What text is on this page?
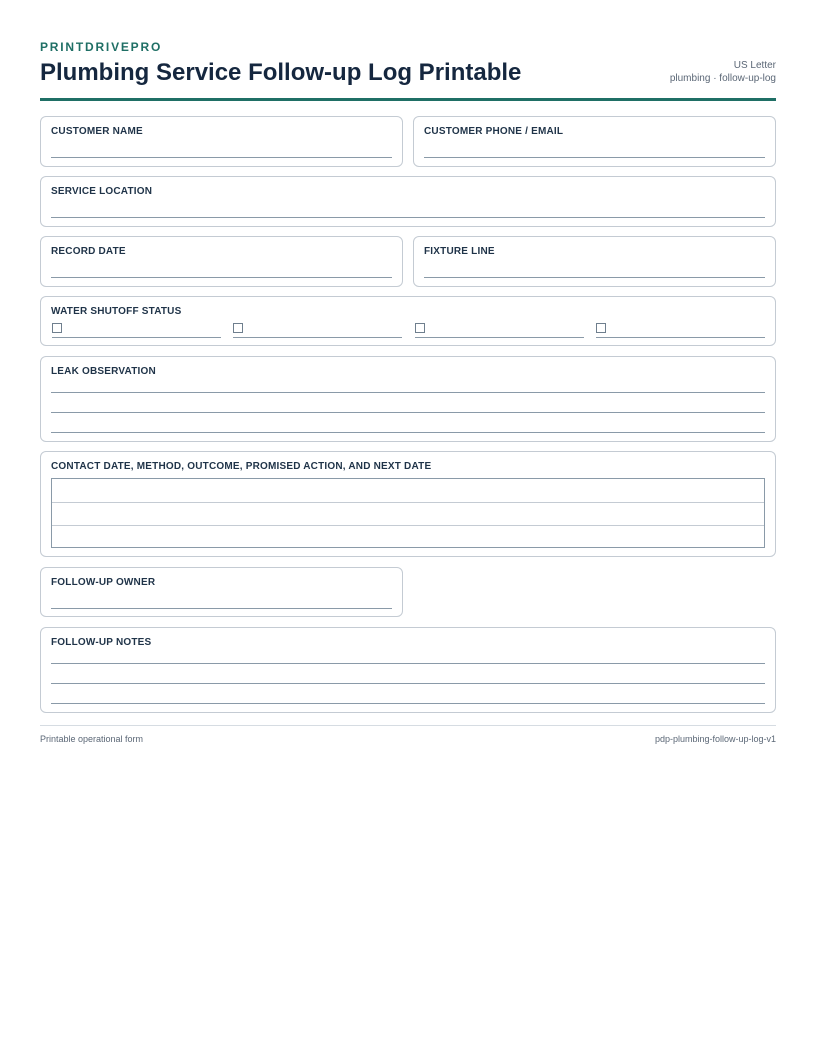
PRINTDRIVEPRO
Plumbing Service Follow-up Log Printable	US Letter
plumbing · follow-up-log
CUSTOMER NAME	CUSTOMER PHONE / EMAIL
SERVICE LOCATION
RECORD DATE	FIXTURE LINE
WATER SHUTOFF STATUS
LEAK OBSERVATION
CONTACT DATE, METHOD, OUTCOME, PROMISED ACTION, AND NEXT DATE
FOLLOW-UP OWNER
FOLLOW-UP NOTES
Printable operational form	pdp-plumbing-follow-up-log-v1
